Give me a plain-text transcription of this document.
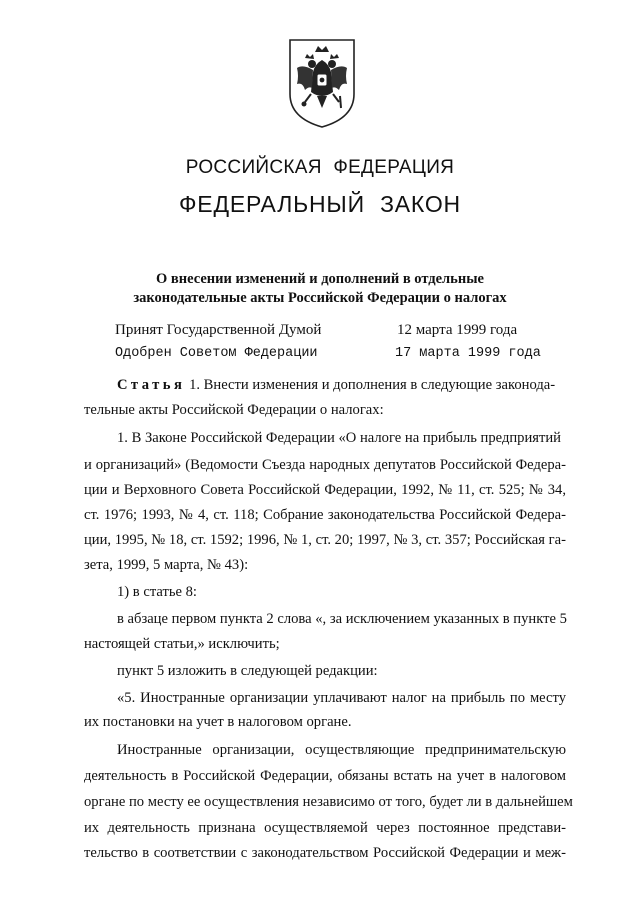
РОССИЙСКАЯ ФЕДЕРАЦИЯ
ФЕДЕРАЛЬНЫЙ ЗАКОН
О внесении изменений и дополнений в отдельные
законодательные акты Российской Федерации о налогах
Принят Государственной Думой	12 марта 1999 года
Одобрен Советом Федерации	17 марта 1999 года
Статья 1. Внести изменения и дополнения в следующие законода-
тельные акты Российской Федерации о налогах:
1. В Законе Российской Федерации «О налоге на прибыль предприятий
и организаций» (Ведомости Съезда народных депутатов Российской Федера-
ции и Верховного Совета Российской Федерации, 1992, № 11, ст. 525; № 34,
ст. 1976; 1993, № 4, ст. 118; Собрание законодательства Российской Федера-
ции, 1995, № 18, ст. 1592; 1996, № 1, ст. 20; 1997, № 3, ст. 357; Российская га-
зета, 1999, 5 марта, № 43):
1) в статье 8:
в абзаце первом пункта 2 слова «, за исключением указанных в пункте 5
настоящей статьи,» исключить;
пункт 5 изложить в следующей редакции:
«5. Иностранные организации уплачивают налог на прибыль по месту
их постановки на учет в налоговом органе.
Иностранные организации, осуществляющие предпринимательскую
деятельность в Российской Федерации, обязаны встать на учет в налоговом
органе по месту ее осуществления независимо от того, будет ли в дальнейшем
их деятельность признана осуществляемой через постоянное представи-
тельство в соответствии с законодательством Российской Федерации и меж-
